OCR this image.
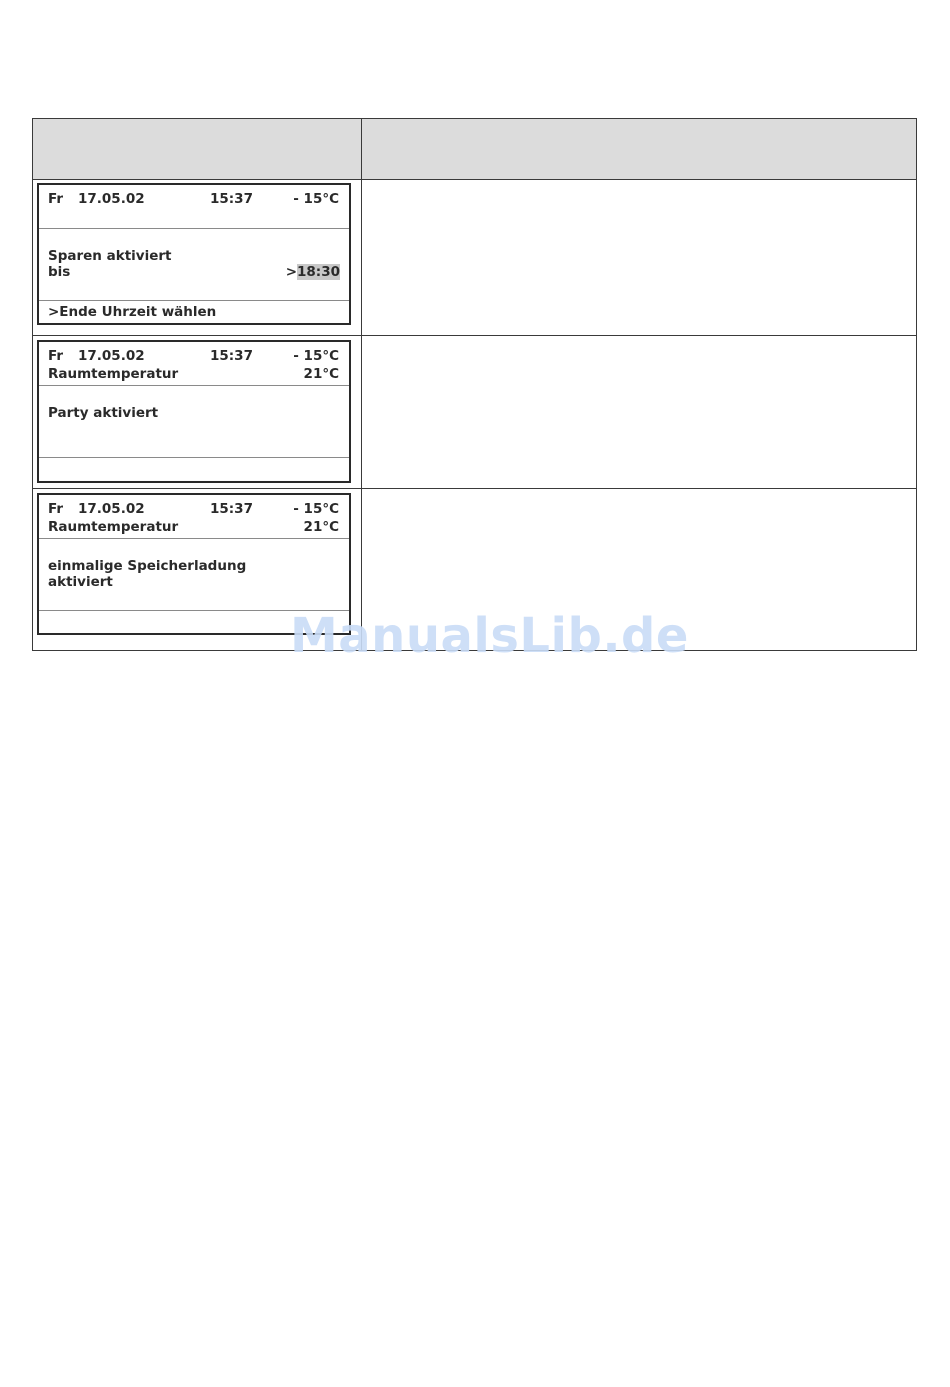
Fr 17.05.02	15:37	- 15°C
Sparen aktiviert
bis	>18:30
>Ende Uhrzeit wählen
Fr 17.05.02	15:37	- 15°C
Raumtemperatur	21°C
Party aktiviert
Fr 17.05.02	15:37	- 15°C
Raumtemperatur	21°C
einmalige Speicherladung
aktiviert
ManualsLib.de
